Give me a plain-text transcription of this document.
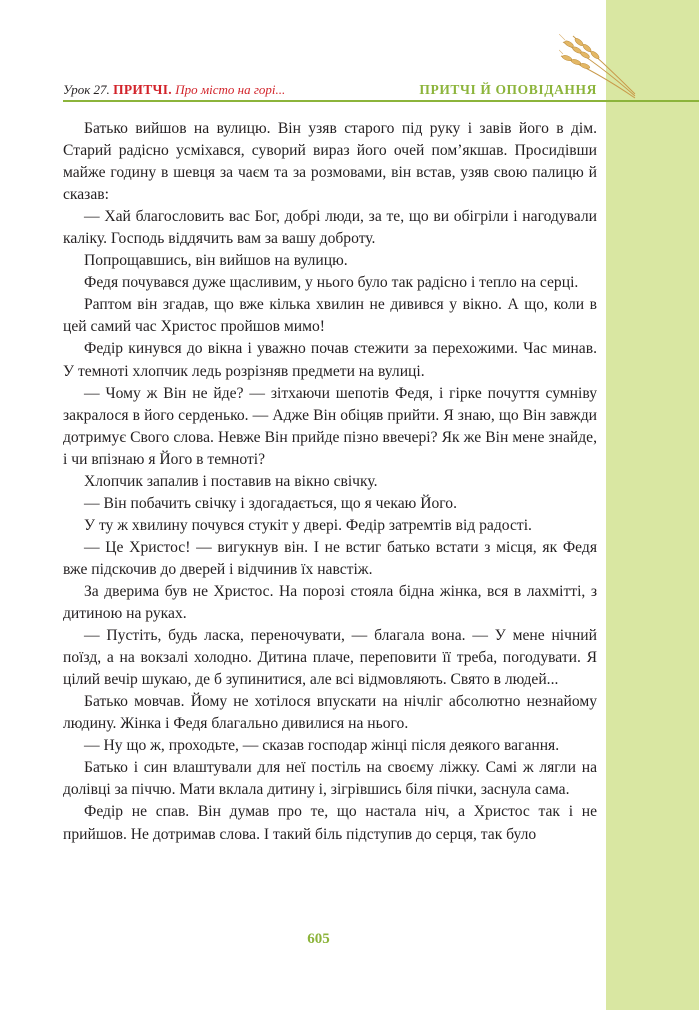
Урок 27. ПРИТЧІ. Про місто на горі...	ПРИТЧІ Й ОПОВІДАННЯ

Батько вийшов на вулицю. Він узяв старого під руку і завів його в дім. Старий радісно усміхався, суворий вираз його очей пом’якшав. Просидівши майже годину в шевця за чаєм та за розмовами, він встав, узяв свою палицю й сказав:

— Хай благословить вас Бог, добрі люди, за те, що ви обігріли і нагодували каліку. Господь віддячить вам за вашу доброту.

Попрощавшись, він вийшов на вулицю.

Федя почувався дуже щасливим, у нього було так радісно і тепло на серці.

Раптом він згадав, що вже кілька хвилин не дивився у вікно. А що, коли в цей самий час Христос пройшов мимо!

Федір кинувся до вікна і уважно почав стежити за перехожими. Час минав. У темноті хлопчик ледь розрізняв предмети на вулиці.

— Чому ж Він не йде? — зітхаючи шепотів Федя, і гірке почуття сумніву закралося в його серденько. — Адже Він обіцяв прийти. Я знаю, що Він завжди дотримує Свого слова. Невже Він прийде пізно ввечері? Як же Він мене знайде, і чи впізнаю я Його в темноті?

Хлопчик запалив і поставив на вікно свічку.

— Він побачить свічку і здогадається, що я чекаю Його.

У ту ж хвилину почувся стукіт у двері. Федір затремтів від радості.

— Це Христос! — вигукнув він. І не встиг батько встати з місця, як Федя вже підскочив до дверей і відчинив їх навстіж.

За дверима був не Христос. На порозі стояла бідна жінка, вся в лахмітті, з дитиною на руках.

— Пустіть, будь ласка, переночувати, — благала вона. — У мене нічний поїзд, а на вокзалі холодно. Дитина плаче, переповити її треба, погодувати. Я цілий вечір шукаю, де б зупинитися, але всі відмовляють. Свято в людей...

Батько мовчав. Йому не хотілося впускати на нічліг абсолютно незнайому людину. Жінка і Федя благально дивилися на нього.

— Ну що ж, проходьте, — сказав господар жінці після деякого вагання.

Батько і син влаштували для неї постіль на своєму ліжку. Самі ж лягли на долівці за піччю. Мати вклала дитину і, зігрівшись біля пічки, заснула сама.

Федір не спав. Він думав про те, що настала ніч, а Христос так і не прийшов. Не дотримав слова. І такий біль підступив до серця, так було

605
